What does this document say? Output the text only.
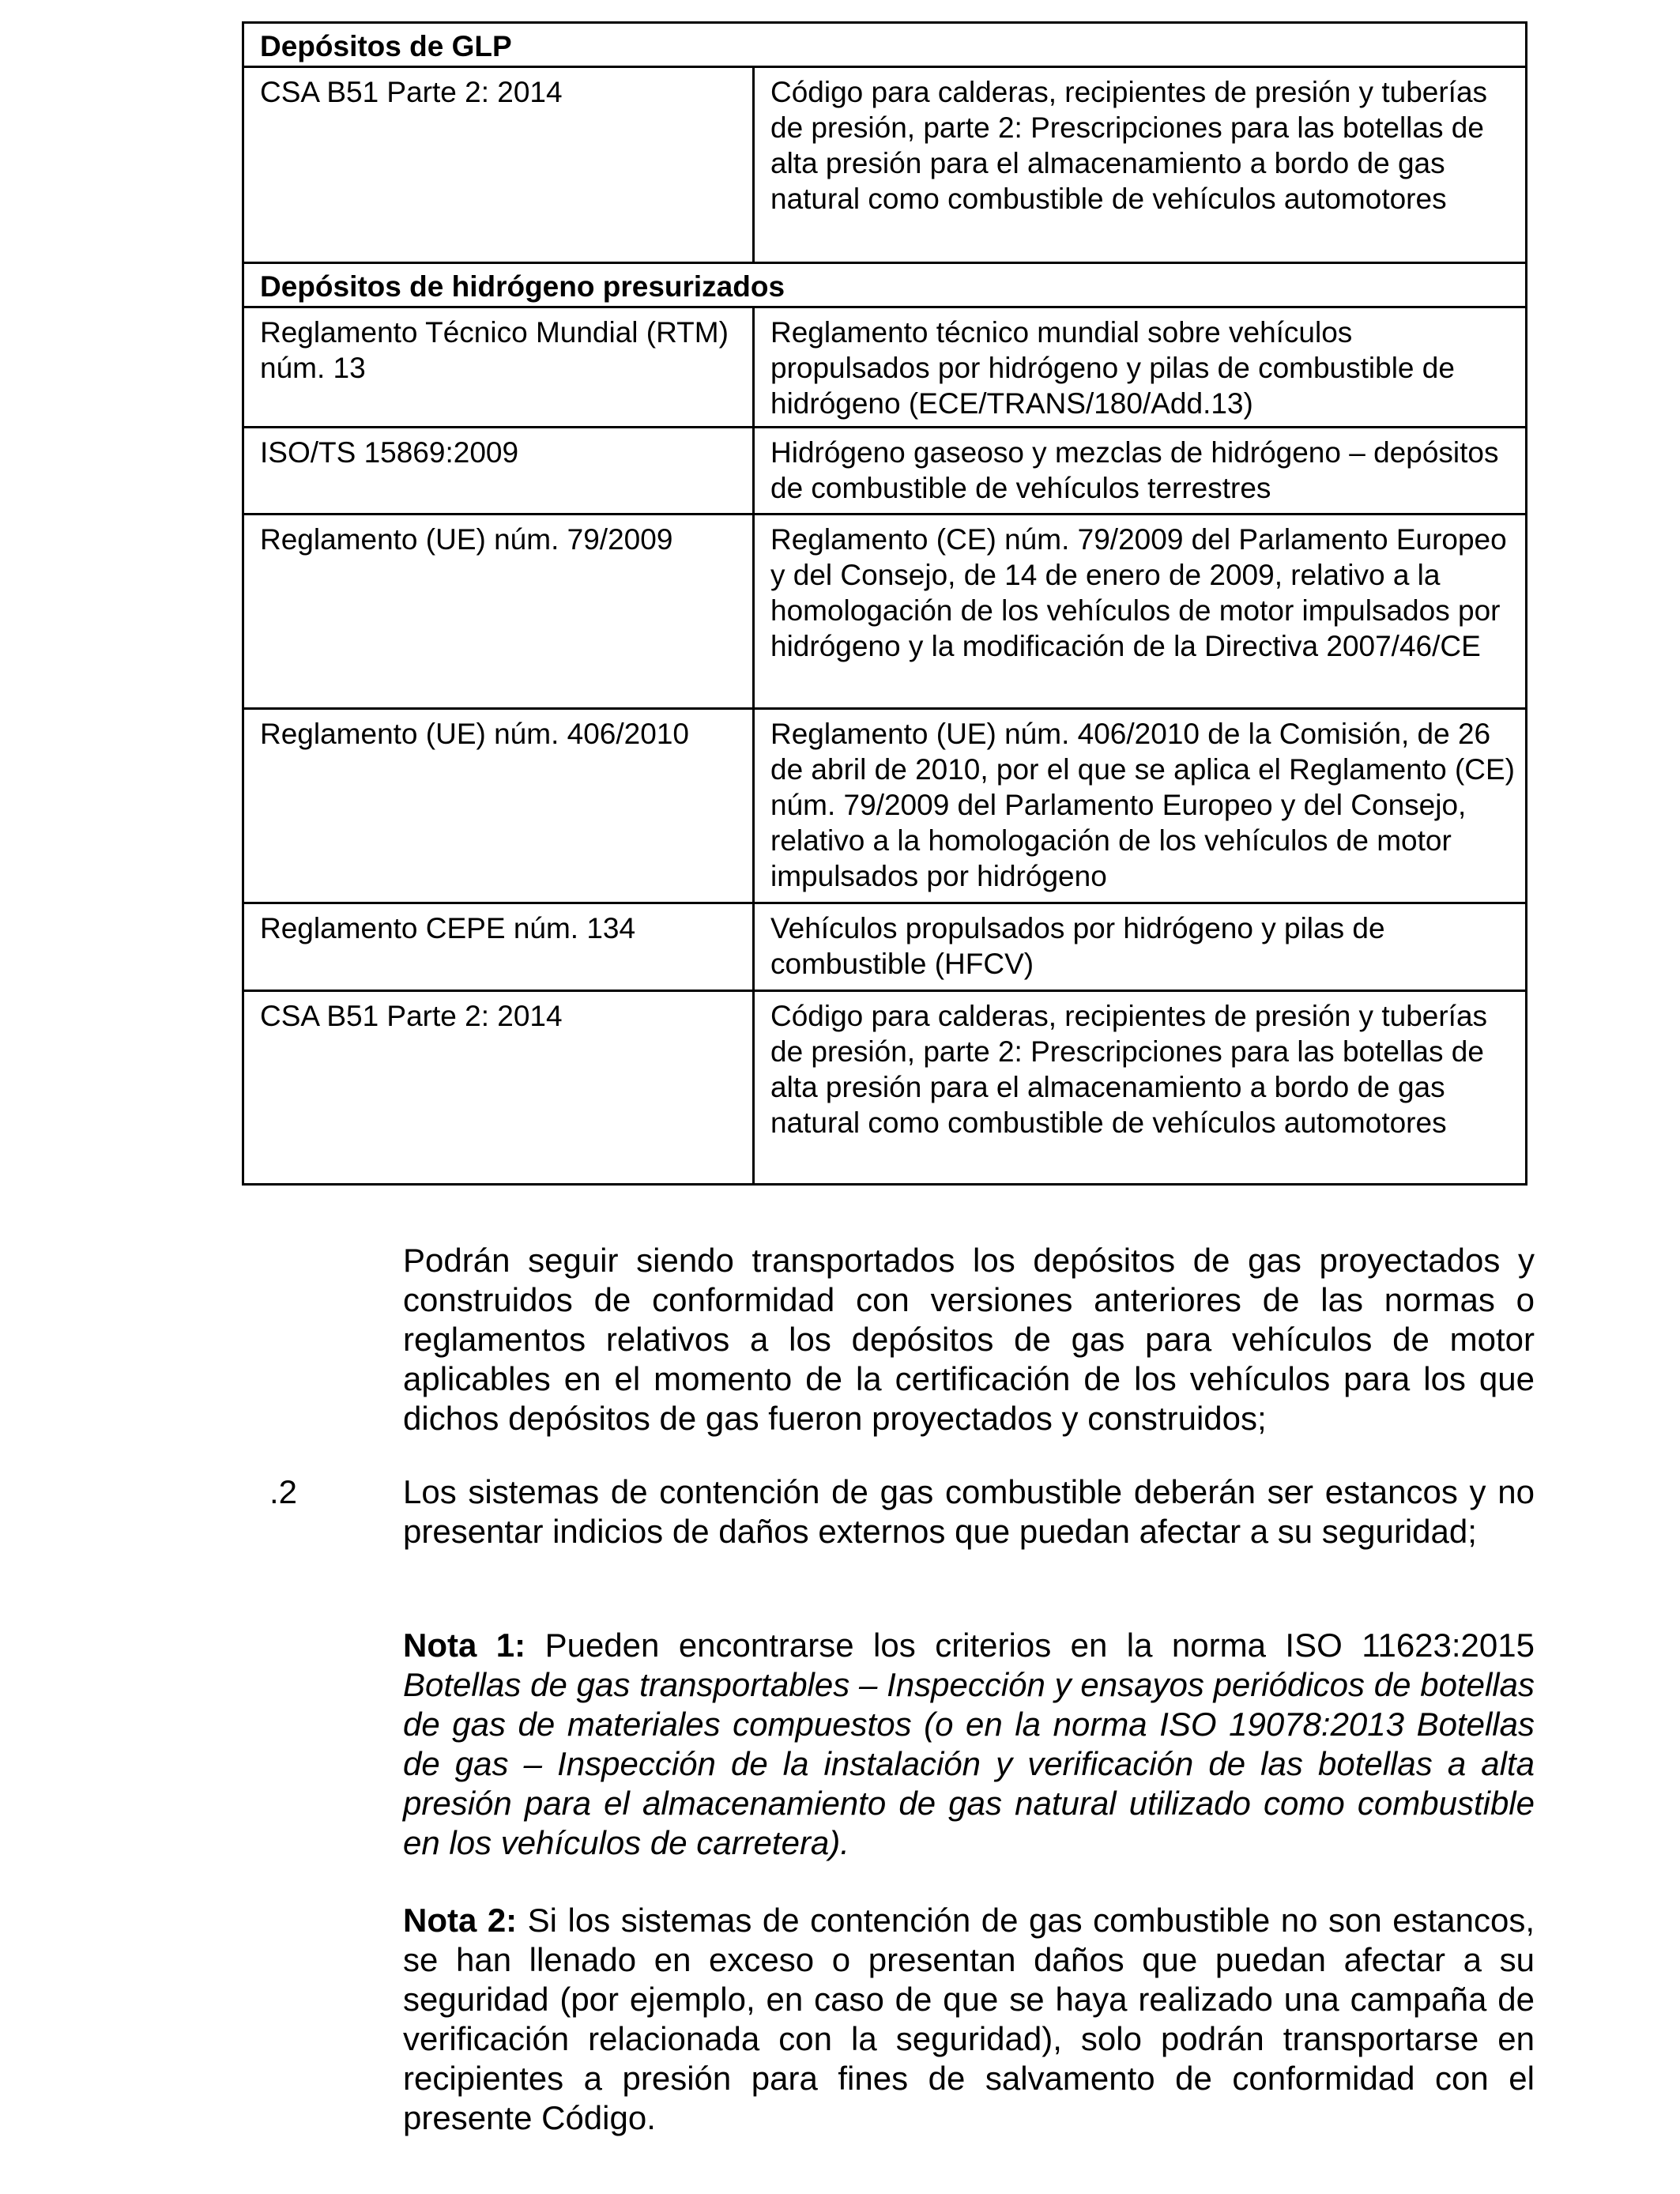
Depósitos de GLP	
CSA B51 Parte 2: 2014	Código para calderas, recipientes de presión y tuberías de presión, parte 2: Prescripciones para las botellas de alta presión para el almacenamiento a bordo de gas natural como combustible de vehículos automotores
Depósitos de hidrógeno presurizados	
Reglamento Técnico Mundial (RTM) núm. 13	Reglamento técnico mundial sobre vehículos propulsados por hidrógeno y pilas de combustible de hidrógeno (ECE/TRANS/180/Add.13)
ISO/TS 15869:2009	Hidrógeno gaseoso y mezclas de hidrógeno – depósitos de combustible de vehículos terrestres
Reglamento (UE) núm. 79/2009	Reglamento (CE) núm. 79/2009 del Parlamento Europeo y del Consejo, de 14 de enero de 2009, relativo a la homologación de los vehículos de motor impulsados por hidrógeno y la modificación de la Directiva 2007/46/CE
Reglamento (UE) núm. 406/2010	Reglamento (UE) núm. 406/2010 de la Comisión, de 26 de abril de 2010, por el que se aplica el Reglamento (CE) núm. 79/2009 del Parlamento Europeo y del Consejo, relativo a la homologación de los vehículos de motor impulsados por hidrógeno
Reglamento CEPE núm. 134	Vehículos propulsados por hidrógeno y pilas de combustible (HFCV)
CSA B51 Parte 2: 2014	Código para calderas, recipientes de presión y tuberías de presión, parte 2: Prescripciones para las botellas de alta presión para el almacenamiento a bordo de gas natural como combustible de vehículos automotores

Podrán seguir siendo transportados los depósitos de gas proyectados y construidos de conformidad con versiones anteriores de las normas o reglamentos relativos a los depósitos de gas para vehículos de motor aplicables en el momento de la certificación de los vehículos para los que dichos depósitos de gas fueron proyectados y construidos;

.2	Los sistemas de contención de gas combustible deberán ser estancos y no presentar indicios de daños externos que puedan afectar a su seguridad;

Nota 1: Pueden encontrarse los criterios en la norma ISO 11623:2015 Botellas de gas transportables – Inspección y ensayos periódicos de botellas de gas de materiales compuestos (o en la norma ISO 19078:2013 Botellas de gas – Inspección de la instalación y verificación de las botellas a alta presión para el almacenamiento de gas natural utilizado como combustible en los vehículos de carretera).

Nota 2: Si los sistemas de contención de gas combustible no son estancos, se han llenado en exceso o presentan daños que puedan afectar a su seguridad (por ejemplo, en caso de que se haya realizado una campaña de verificación relacionada con la seguridad), solo podrán transportarse en recipientes a presión para fines de salvamento de conformidad con el presente Código.
